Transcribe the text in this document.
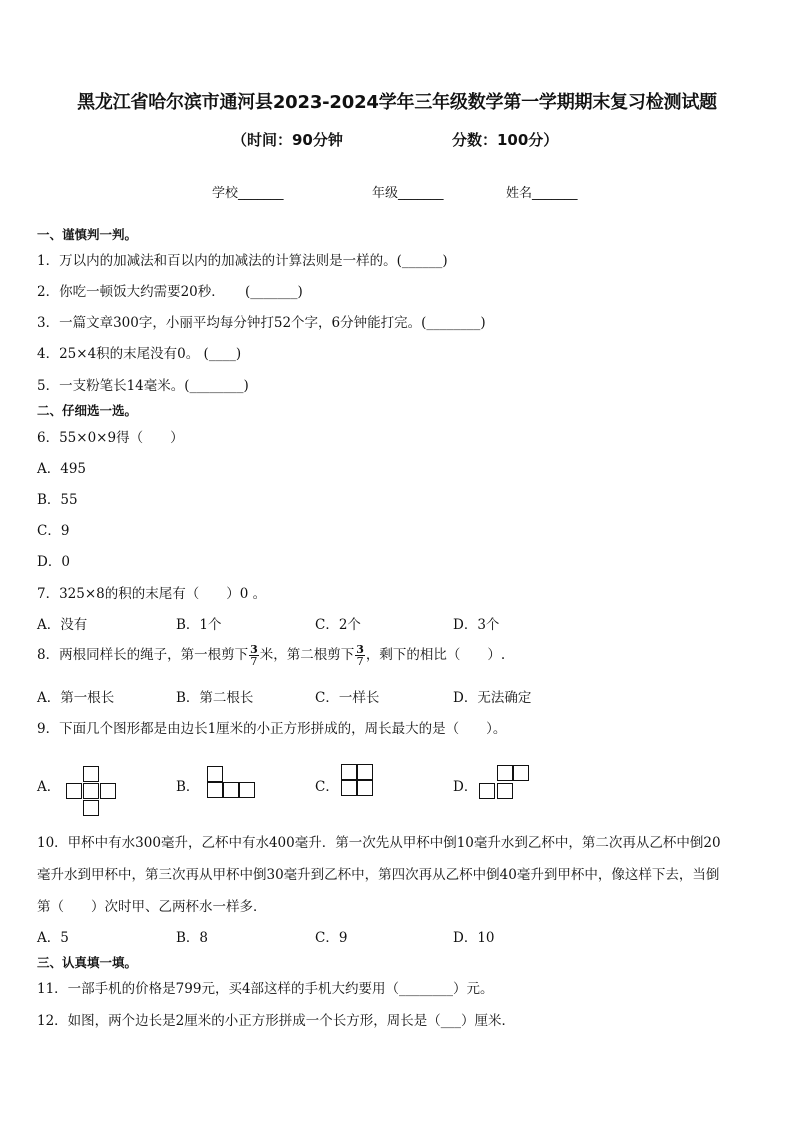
黑龙江省哈尔滨市通河县2023-2024学年三年级数学第一学期期末复习检测试题
（时间：90分钟	分数：100分）
学校_______	年级_______	姓名_______
一、谨慎判一判。
1．万以内的加减法和百以内的加减法的计算法则是一样的。(______)
2．你吃一顿饭大约需要20秒．　　(_______)
3．一篇文章300字，小丽平均每分钟打52个字，6分钟能打完。(________)
4．25×4积的末尾没有0。 (____)
5．一支粉笔长14毫米。(________)
二、仔细选一选。
6．55×0×9得（　　）
A．495
B．55
C．9
D．0
7．325×8的积的末尾有（　　）0 。
A．没有	B．1个	C．2个	D．3个
8．两根同样长的绳子，第一根剪下 $\frac{3}{7}$ 米，第二根剪下 $\frac{3}{7}$ ，剩下的相比（　　）.
A．第一根长	B．第二根长	C．一样长	D．无法确定
9．下面几个图形都是由边长1厘米的小正方形拼成的，周长最大的是（　　）。
A．	B．	C．	D．
10．甲杯中有水300毫升，乙杯中有水400毫升．第一次先从甲杯中倒10毫升水到乙杯中，第二次再从乙杯中倒20
毫升水到甲杯中，第三次再从甲杯中倒30毫升到乙杯中，第四次再从乙杯中倒40毫升到甲杯中，像这样下去，当倒
第（　　）次时甲、乙两杯水一样多．
A．5	B．8	C．9	D．10
三、认真填一填。
11．一部手机的价格是799元，买4部这样的手机大约要用（________）元。
12．如图，两个边长是2厘米的小正方形拼成一个长方形，周长是（___）厘米．
